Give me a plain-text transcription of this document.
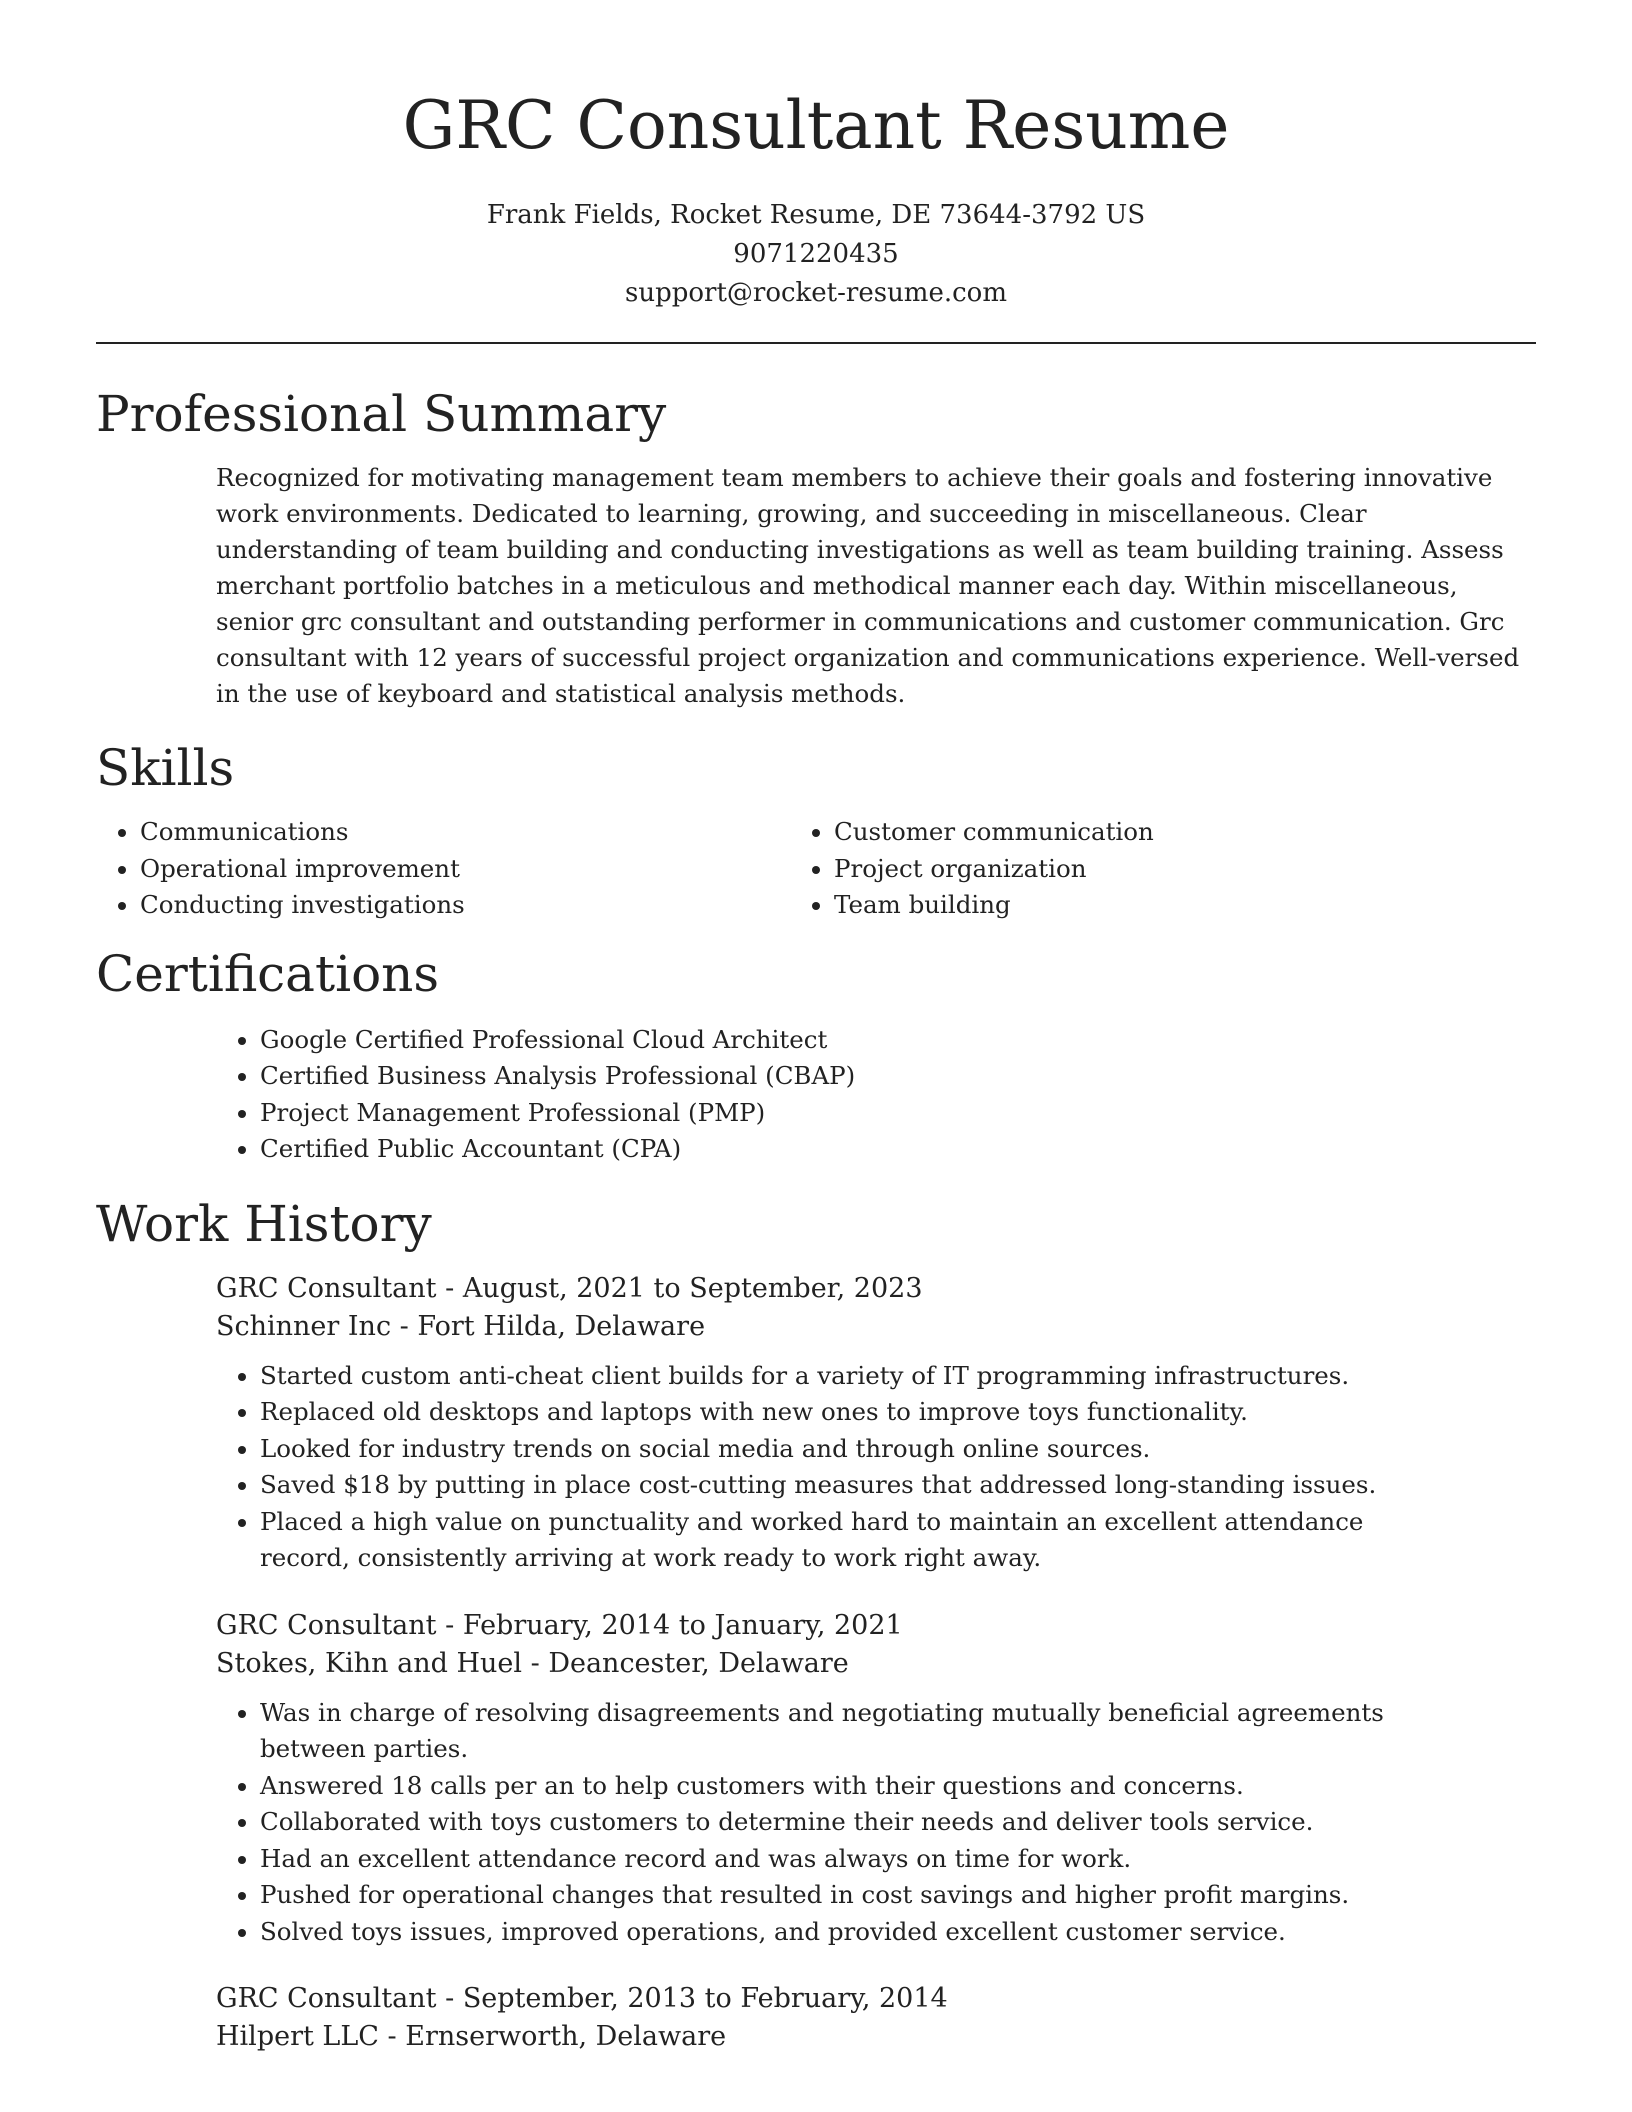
GRC Consultant Resume
Frank Fields, Rocket Resume, DE 73644-3792 US
9071220435
support@rocket-resume.com
Professional Summary

Recognized for motivating management team members to achieve their goals and fostering innovative work environments. Dedicated to learning, growing, and succeeding in miscellaneous. Clear understanding of team building and conducting investigations as well as team building training. Assess merchant portfolio batches in a meticulous and methodical manner each day. Within miscellaneous, senior grc consultant and outstanding performer in communications and customer communication. Grc consultant with 12 years of successful project organization and communications experience. Well-versed in the use of keyboard and statistical analysis methods.

Skills
• Communications
• Operational improvement
• Conducting investigations
• Customer communication
• Project organization
• Team building
Certifications
• Google Certified Professional Cloud Architect
• Certified Business Analysis Professional (CBAP)
• Project Management Professional (PMP)
• Certified Public Accountant (CPA)
Work History
GRC Consultant - August, 2021 to September, 2023
Schinner Inc - Fort Hilda, Delaware
• Started custom anti-cheat client builds for a variety of IT programming infrastructures.
• Replaced old desktops and laptops with new ones to improve toys functionality.
• Looked for industry trends on social media and through online sources.
• Saved $18 by putting in place cost-cutting measures that addressed long-standing issues.
• Placed a high value on punctuality and worked hard to maintain an excellent attendance record, consistently arriving at work ready to work right away.
GRC Consultant - February, 2014 to January, 2021
Stokes, Kihn and Huel - Deancester, Delaware
• Was in charge of resolving disagreements and negotiating mutually beneficial agreements between parties.
• Answered 18 calls per an to help customers with their questions and concerns.
• Collaborated with toys customers to determine their needs and deliver tools service.
• Had an excellent attendance record and was always on time for work.
• Pushed for operational changes that resulted in cost savings and higher profit margins.
• Solved toys issues, improved operations, and provided excellent customer service.
GRC Consultant - September, 2013 to February, 2014
Hilpert LLC - Ernserworth, Delaware
